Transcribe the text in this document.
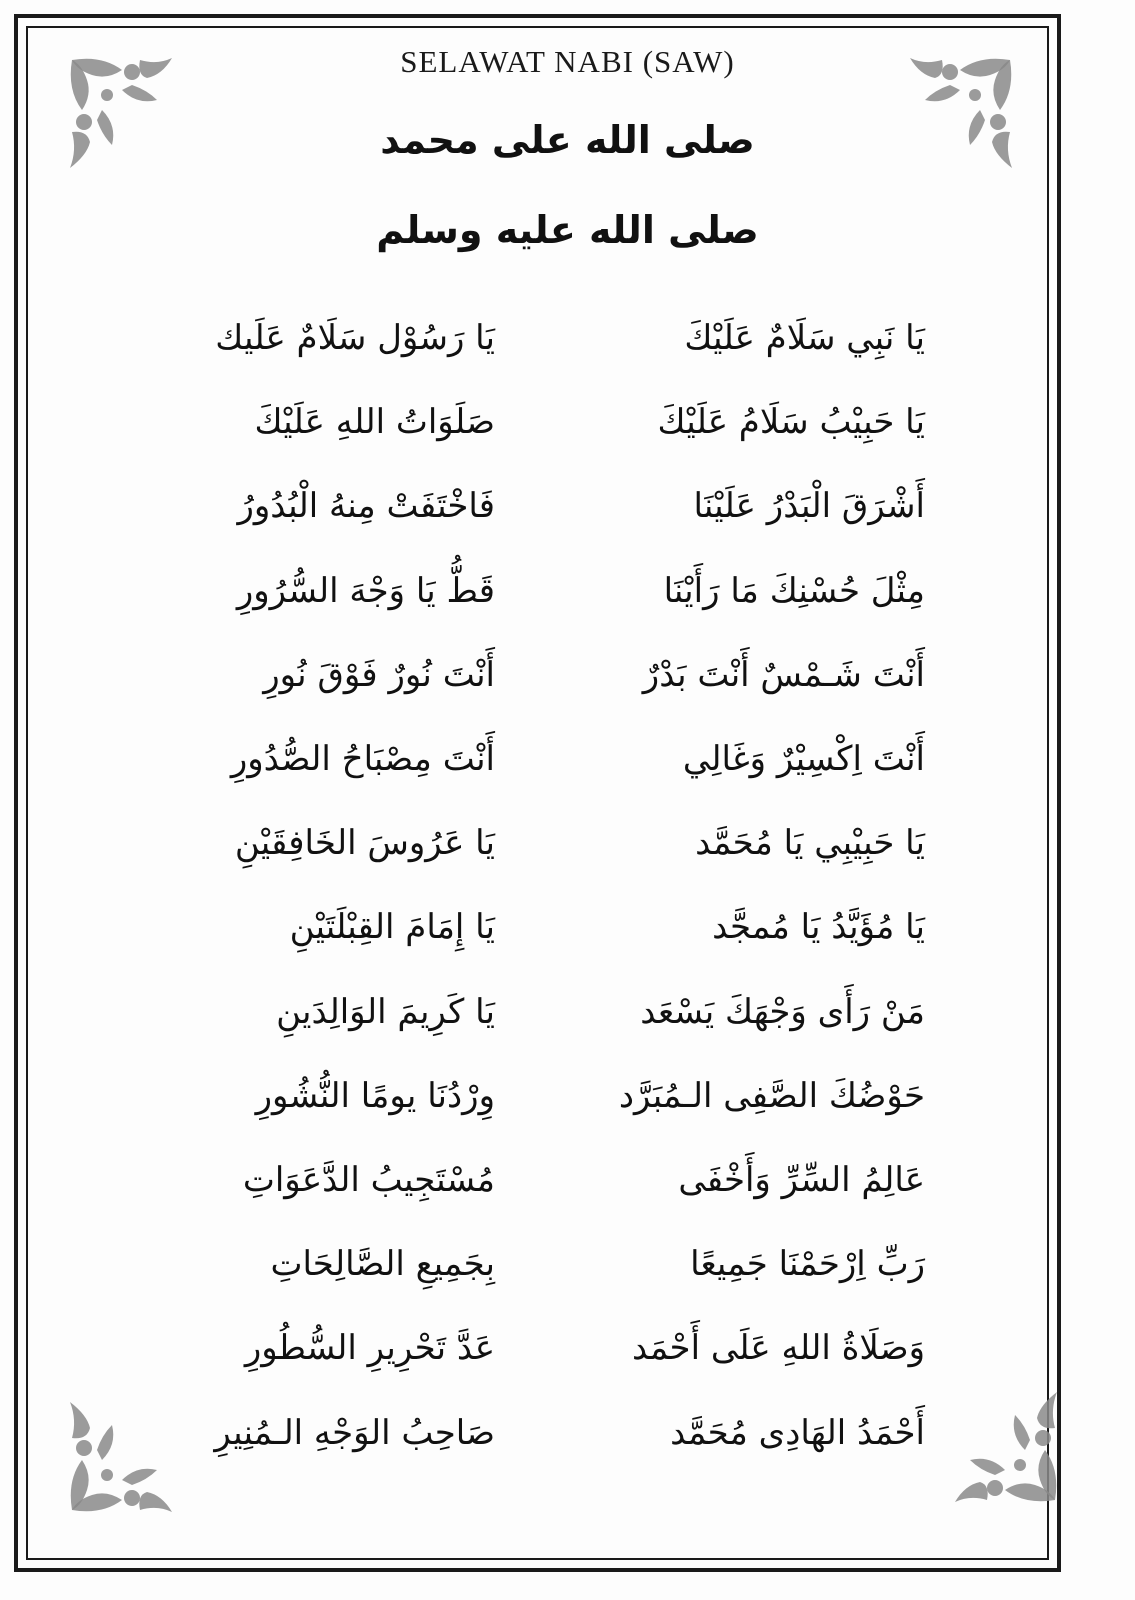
SELAWAT NABI (SAW)
صلى الله على محمد
صلى الله عليه وسلم
يَا نَبِي سَلَامٌ عَلَيْكَ
يَا رَسُوْل سَلَامٌ عَلَيك
يَا حَبِيْبُ سَلَامُ عَلَيْكَ
صَلَوَاتُ اللهِ عَلَيْكَ
أَشْرَقَ الْبَدْرُ عَلَيْنَا
فَاخْتَفَتْ مِنهُ الْبُدُورُ
مِثْلَ حُسْنِكَ مَا رَأَيْنَا
قَطُّ يَا وَجْهَ السُّرُورِ
أَنْتَ شَـمْسٌ أَنْتَ بَدْرٌ
أَنْتَ نُورٌ فَوْقَ نُورِ
أَنْتَ اِكْسِيْرٌ وَغَالِي
أَنْتَ مِصْبَاحُ الصُّدُورِ
يَا حَبِيْبِي يَا مُحَمَّد
يَا عَرُوسَ الخَافِقَيْنِ
يَا مُؤَيَّدُ يَا مُمجَّد
يَا إِمَامَ القِبْلَتَيْنِ
مَنْ رَأَى وَجْهَكَ يَسْعَد
يَا كَرِيمَ الوَالِدَينِ
حَوْضُكَ الصَّفِى الـمُبَرَّد
وِرْدُنَا يومًا النُّشُورِ
عَالِمُ السِّرِّ وَأَخْفَى
مُسْتَجِيبُ الدَّعَوَاتِ
رَبِّ اِرْحَمْنَا جَمِيعًا
بِجَمِيعِ الصَّالِحَاتِ
وَصَلَاةُ اللهِ عَلَى أَحْمَد
عَدَّ تَحْرِيرِ السُّطُورِ
أَحْمَدُ الهَادِى مُحَمَّد
صَاحِبُ الوَجْهِ الـمُنِيرِ
